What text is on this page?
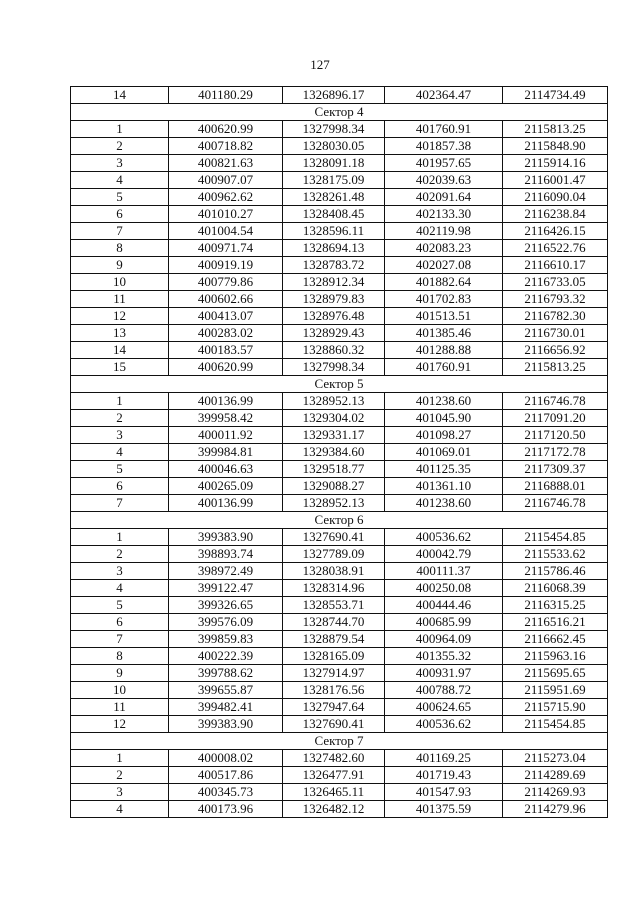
127
14	401180.29	1326896.17	402364.47	2114734.49
Сектор 4				
1	400620.99	1327998.34	401760.91	2115813.25
2	400718.82	1328030.05	401857.38	2115848.90
3	400821.63	1328091.18	401957.65	2115914.16
4	400907.07	1328175.09	402039.63	2116001.47
5	400962.62	1328261.48	402091.64	2116090.04
6	401010.27	1328408.45	402133.30	2116238.84
7	401004.54	1328596.11	402119.98	2116426.15
8	400971.74	1328694.13	402083.23	2116522.76
9	400919.19	1328783.72	402027.08	2116610.17
10	400779.86	1328912.34	401882.64	2116733.05
11	400602.66	1328979.83	401702.83	2116793.32
12	400413.07	1328976.48	401513.51	2116782.30
13	400283.02	1328929.43	401385.46	2116730.01
14	400183.57	1328860.32	401288.88	2116656.92
15	400620.99	1327998.34	401760.91	2115813.25
Сектор 5				
1	400136.99	1328952.13	401238.60	2116746.78
2	399958.42	1329304.02	401045.90	2117091.20
3	400011.92	1329331.17	401098.27	2117120.50
4	399984.81	1329384.60	401069.01	2117172.78
5	400046.63	1329518.77	401125.35	2117309.37
6	400265.09	1329088.27	401361.10	2116888.01
7	400136.99	1328952.13	401238.60	2116746.78
Сектор 6				
1	399383.90	1327690.41	400536.62	2115454.85
2	398893.74	1327789.09	400042.79	2115533.62
3	398972.49	1328038.91	400111.37	2115786.46
4	399122.47	1328314.96	400250.08	2116068.39
5	399326.65	1328553.71	400444.46	2116315.25
6	399576.09	1328744.70	400685.99	2116516.21
7	399859.83	1328879.54	400964.09	2116662.45
8	400222.39	1328165.09	401355.32	2115963.16
9	399788.62	1327914.97	400931.97	2115695.65
10	399655.87	1328176.56	400788.72	2115951.69
11	399482.41	1327947.64	400624.65	2115715.90
12	399383.90	1327690.41	400536.62	2115454.85
Сектор 7				
1	400008.02	1327482.60	401169.25	2115273.04
2	400517.86	1326477.91	401719.43	2114289.69
3	400345.73	1326465.11	401547.93	2114269.93
4	400173.96	1326482.12	401375.59	2114279.96
